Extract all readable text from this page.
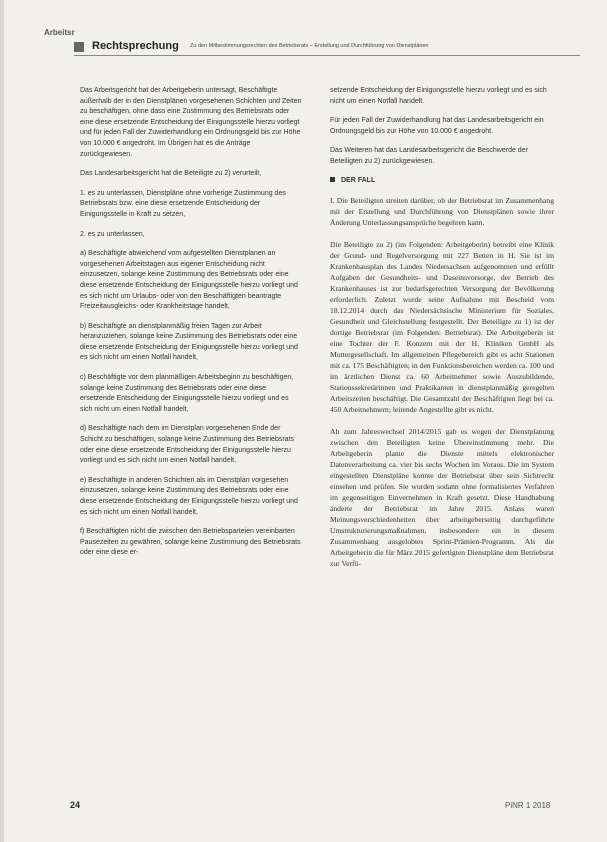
Arbeitsr
Rechtsprechung Zu den Mitbestimmungsrechten des Betriebsrats – Erstellung und Durchführung von Dienstplänen

Das Arbeitsgericht hat der Arbeitgeberin untersagt, Beschäftigte außerhalb der in den Dienstplänen vorgesehenen Schichten und Zeiten zu beschäftigen, ohne dass eine Zustimmung des Betriebsrats oder eine diese ersetzende Entscheidung der Einigungsstelle hierzu vorliegt und für jeden Fall der Zuwiderhandlung ein Ordnungsgeld bis zur Höhe von 10.000 € angedroht. Im Übrigen hat es die Anträge zurückgewiesen.

Das Landesarbeitsgericht hat die Beteiligte zu 2) verurteilt,

1. es zu unterlassen, Dienstpläne ohne vorherige Zustimmung des Betriebsrats bzw. eine diese ersetzende Entscheidung der Einigungsstelle in Kraft zu setzen,

2. es zu unterlassen,

a) Beschäftigte abweichend vom aufgestellten Dienstplanen an vorgesehenen Arbeitstagen aus eigener Entscheidung nicht einzusetzen, solange keine Zustimmung des Betriebsrats oder eine diese ersetzende Entscheidung der Einigungsstelle hierzu vorliegt und es sich nicht um Urlaubs- oder von den Beschäftigten beantragte Freizeitausgleichs- oder Krankheitstage handelt,

b) Beschäftigte an dienstplanmäßig freien Tagen zur Arbeit heranzuziehen, solange keine Zustimmung des Betriebsrats oder eine diese ersetzende Entscheidung der Einigungsstelle hierzu vorliegt und es sich nicht um einen Notfall handelt,

c) Beschäftigte vor dem planmäßigen Arbeitsbeginn zu beschäftigen, solange keine Zustimmung des Betriebsrats oder eine diese ersetzende Entscheidung der Einigungsstelle hierzu vorliegt und es sich nicht um einen Notfall handelt,

d) Beschäftigte nach dem im Dienstplan vorgesehenen Ende der Schicht zu beschäftigen, solange keine Zustimmung des Betriebsrats oder eine diese ersetzende Entscheidung der Einigungsstelle hierzu vorliegt und es sich nicht um einen Notfall handelt,

e) Beschäftigte in anderen Schichten als im Dienstplan vorgesehen einzusetzen, solange keine Zustimmung des Betriebsrats oder eine diese ersetzende Entscheidung der Einigungsstelle hierzu vorliegt und es sich nicht um einen Notfall handelt,

f) Beschäftigten nicht die zwischen den Betriebsparteien vereinbarten Pausezeiten zu gewähren, solange keine Zustimmung des Betriebsrats oder eine diese er-

setzende Entscheidung der Einigungsstelle hierzu vorliegt und es sich nicht um einen Notfall handelt.

Für jeden Fall der Zuwiderhandlung hat das Landesarbeitsgericht ein Ordnungsgeld bis zur Höhe von 10.000 € angedroht.

Das Weiteren hat das Landesarbeitsgericht die Beschwerde der Beteiligten zu 2) zurückgewiesen.

DER FALL

I. Die Beteiligten streiten darüber, ob der Betriebsrat im Zusammenhang mit der Erstellung und Durchführung von Dienstplänen sowie ihrer Änderung Unterlassungsansprüche begehren kann.

Die Beteiligte zu 2) (im Folgenden: Arbeitgeberin) betreibt eine Klinik der Grund- und Regelversorgung mit 227 Betten in H. Sie ist im Krankenhausplan des Landes Niedersachsen aufgenommen und erfüllt Aufgaben der Gesundheits- und Daseinsvorsorge, der Betrieb des Krankenhauses ist zur bedarfsgerechten Versorgung der Bevölkerung erforderlich. Zuletzt wurde seine Aufnahme mit Bescheid vom 18.12.2014 durch das Niedersächsische Ministerium für Soziales, Gesundheit und Gleichstellung festgestellt. Der Beteiligte zu 1) ist der dortige Betriebsrat (im Folgenden: Betriebsrat). Die Arbeitgeberin ist eine Tochter der F. Konzern mit der H. Kliniken GmbH als Muttergesellschaft. Im allgemeinen Pflegebereich gibt es acht Stationen mit ca. 175 Beschäftigten; in den Funktionsbereichen werden ca. 100 und im ärztlichen Dienst ca. 60 Arbeitnehmer sowie Auszubildende, Stationssekretärinnen und Praktikanten in dienstplanmäßig geregelten Arbeitszeiten beschäftigt. Die Gesamtzahl der Beschäftigten liegt bei ca. 450 Arbeitnehmern; leitende Angestellte gibt es nicht.

Ab zum Jahreswechsel 2014/2015 gab es wegen der Dienstplanung zwischen den Beteiligten keine Übereinstimmung mehr. Die Arbeitgeberin plante die Dienste mittels elektronischer Datenverarbeitung ca. vier bis sechs Wochen im Voraus. Die im System eingestellten Dienstpläne konnte der Betriebsrat über sein Sichtrecht einsehen und prüfen. Sie wurden sodann ohne formalisiertes Verfahren im gegenseitigen Einvernehmen in Kraft gesetzt. Diese Handhabung änderte der Betriebsrat im Jahre 2015. Anlass waren Meinungsverschiedenheiten über arbeitgeberseitig durchgeführte Umstrukturierungsmaßnahmen, insbesondere ein in diesem Zusammenhang ausgelobtes Sprint-Prämien-Programm. Als die Arbeitgeberin die für März 2015 gefertigten Dienstpläne dem Betriebsrat zur Verfü-

24	PiNR 1 2018
